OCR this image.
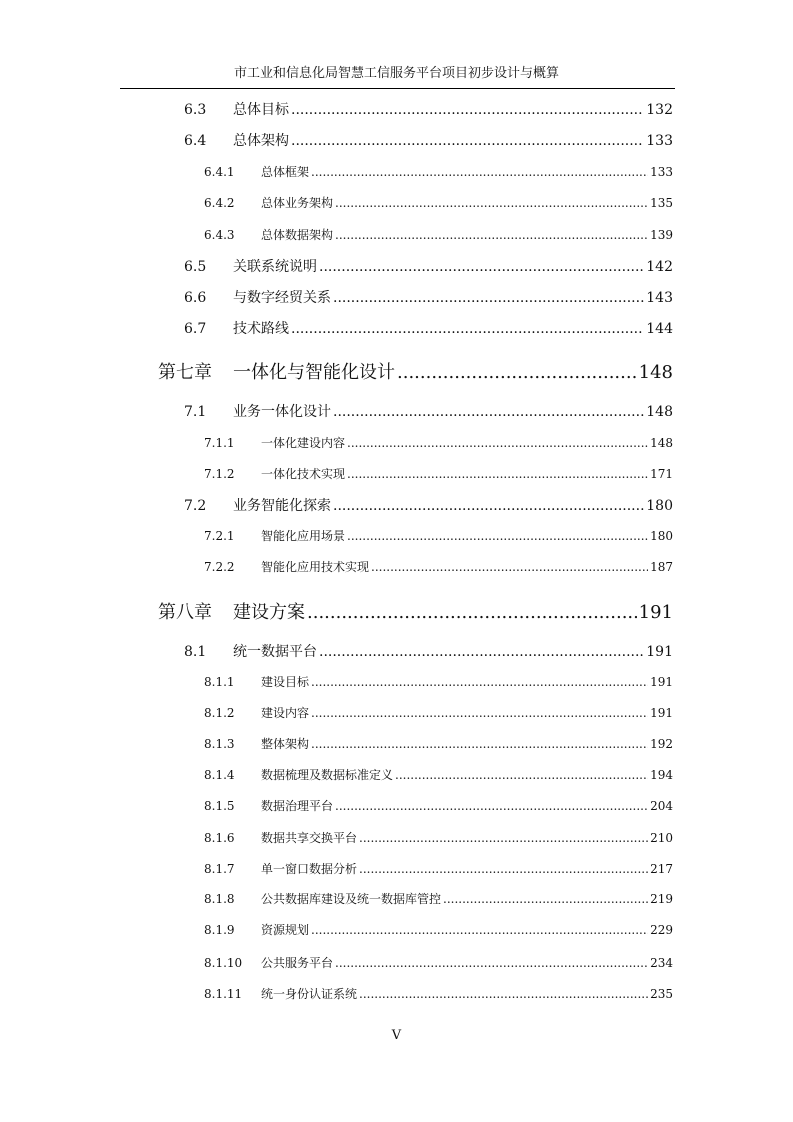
市工业和信息化局智慧工信服务平台项目初步设计与概算
6.3	总体目标 .....	132
6.4	总体架构 .....	133
6.4.1	总体框架 .....	133
6.4.2	总体业务架构 .....	135
6.4.3	总体数据架构 .....	139
6.5	关联系统说明 .....	142
6.6	与数字经贸关系 .....	143
6.7	技术路线 .....	144
第七章	一体化与智能化设计 .....	148
7.1	业务一体化设计 .....	148
7.1.1	一体化建设内容 .....	148
7.1.2	一体化技术实现 .....	171
7.2	业务智能化探索 .....	180
7.2.1	智能化应用场景 .....	180
7.2.2	智能化应用技术实现 .....	187
第八章	建设方案 .....	191
8.1	统一数据平台 .....	191
8.1.1	建设目标 .....	191
8.1.2	建设内容 .....	191
8.1.3	整体架构 .....	192
8.1.4	数据梳理及数据标准定义 .....	194
8.1.5	数据治理平台 .....	204
8.1.6	数据共享交换平台 .....	210
8.1.7	单一窗口数据分析 .....	217
8.1.8	公共数据库建设及统一数据库管控 .....	219
8.1.9	资源规划 .....	229
8.1.10	公共服务平台 .....	234
8.1.11	统一身份认证系统 .....	235
V
